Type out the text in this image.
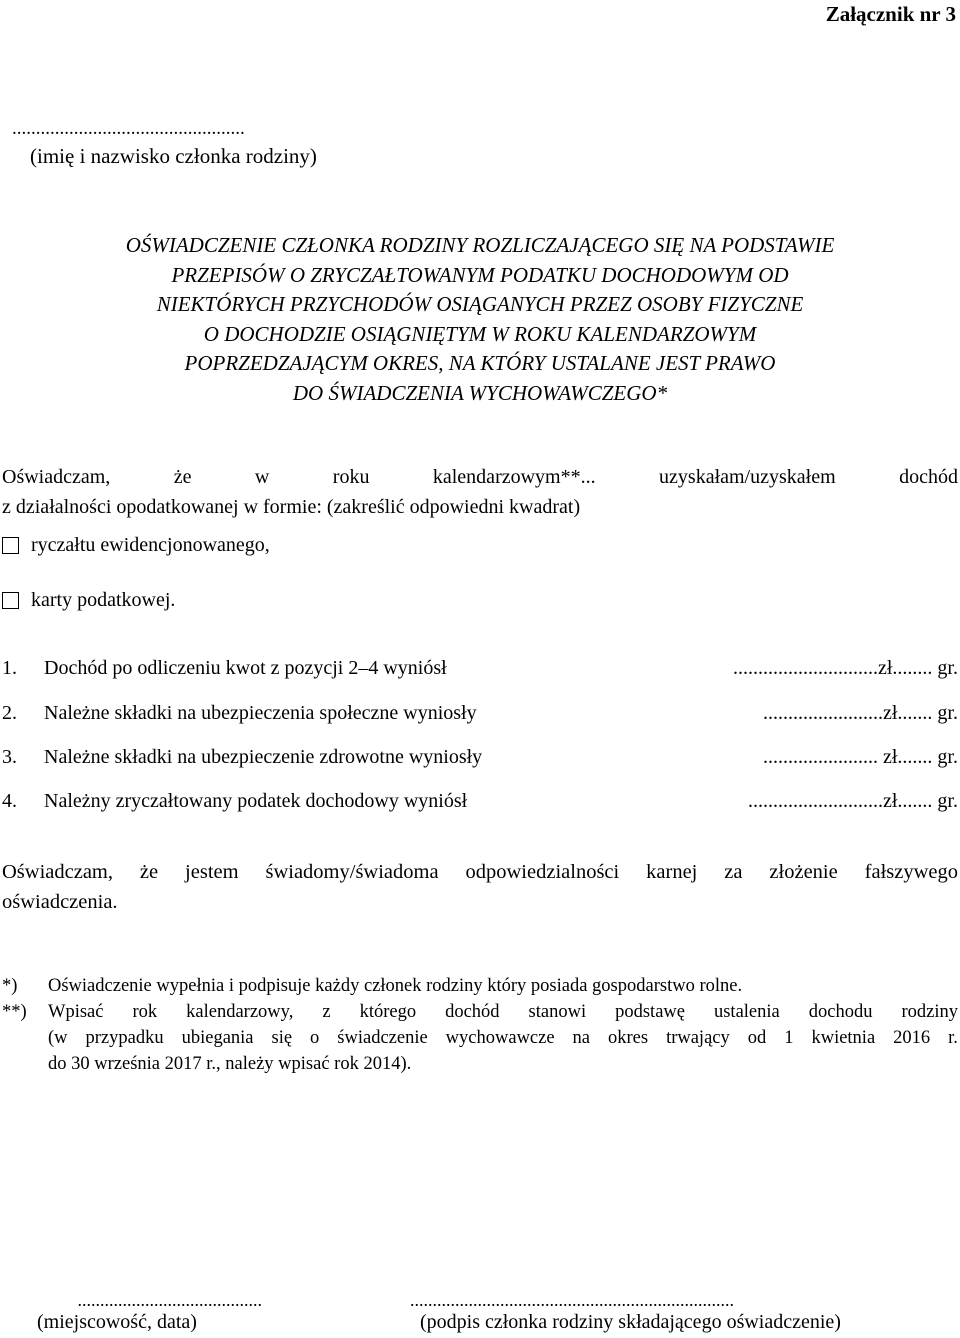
Załącznik nr 3
.................................................
(imię i nazwisko członka rodziny)
OŚWIADCZENIE CZŁONKA RODZINY ROZLICZAJĄCEGO SIĘ NA PODSTAWIE
PRZEPISÓW O ZRYCZAŁTOWANYM PODATKU DOCHODOWYM OD
NIEKTÓRYCH PRZYCHODÓW OSIĄGANYCH PRZEZ OSOBY FIZYCZNE
O DOCHODZIE OSIĄGNIĘTYM W ROKU KALENDARZOWYM
POPRZEDZAJĄCYM OKRES, NA KTÓRY USTALANE JEST PRAWO
DO ŚWIADCZENIA WYCHOWAWCZEGO*
Oświadczam,	że	w	roku	kalendarzowym**...	uzyskałam/uzyskałem	dochód
z działalności opodatkowanej w formie: (zakreślić odpowiedni kwadrat)
ryczałtu ewidencjonowanego,
karty podatkowej.
1.	Dochód po odliczeniu kwot z pozycji 2‒4 wyniósł	.............................zł........ gr.
2.	Należne składki na ubezpieczenia społeczne wyniosły	........................zł....... gr.
3.	Należne składki na ubezpieczenie zdrowotne wyniosły	....................... zł....... gr.
4.	Należny zryczałtowany podatek dochodowy wyniósł	...........................zł....... gr.
Oświadczam, że jestem świadomy/świadoma odpowiedzialności karnej za złożenie fałszywego
oświadczenia.
*)	Oświadczenie wypełnia i podpisuje każdy członek rodziny który posiada gospodarstwo rolne.
**)	Wpisać rok kalendarzowy, z którego dochód stanowi podstawę ustalenia dochodu rodziny
(w przypadku ubiegania się o świadczenie wychowawcze na okres trwający od 1 kwietnia 2016 r.
do 30 września 2017 r., należy wpisać rok 2014).
.........................................
(miejscowość, data)
........................................................................
(podpis członka rodziny składającego oświadczenie)
